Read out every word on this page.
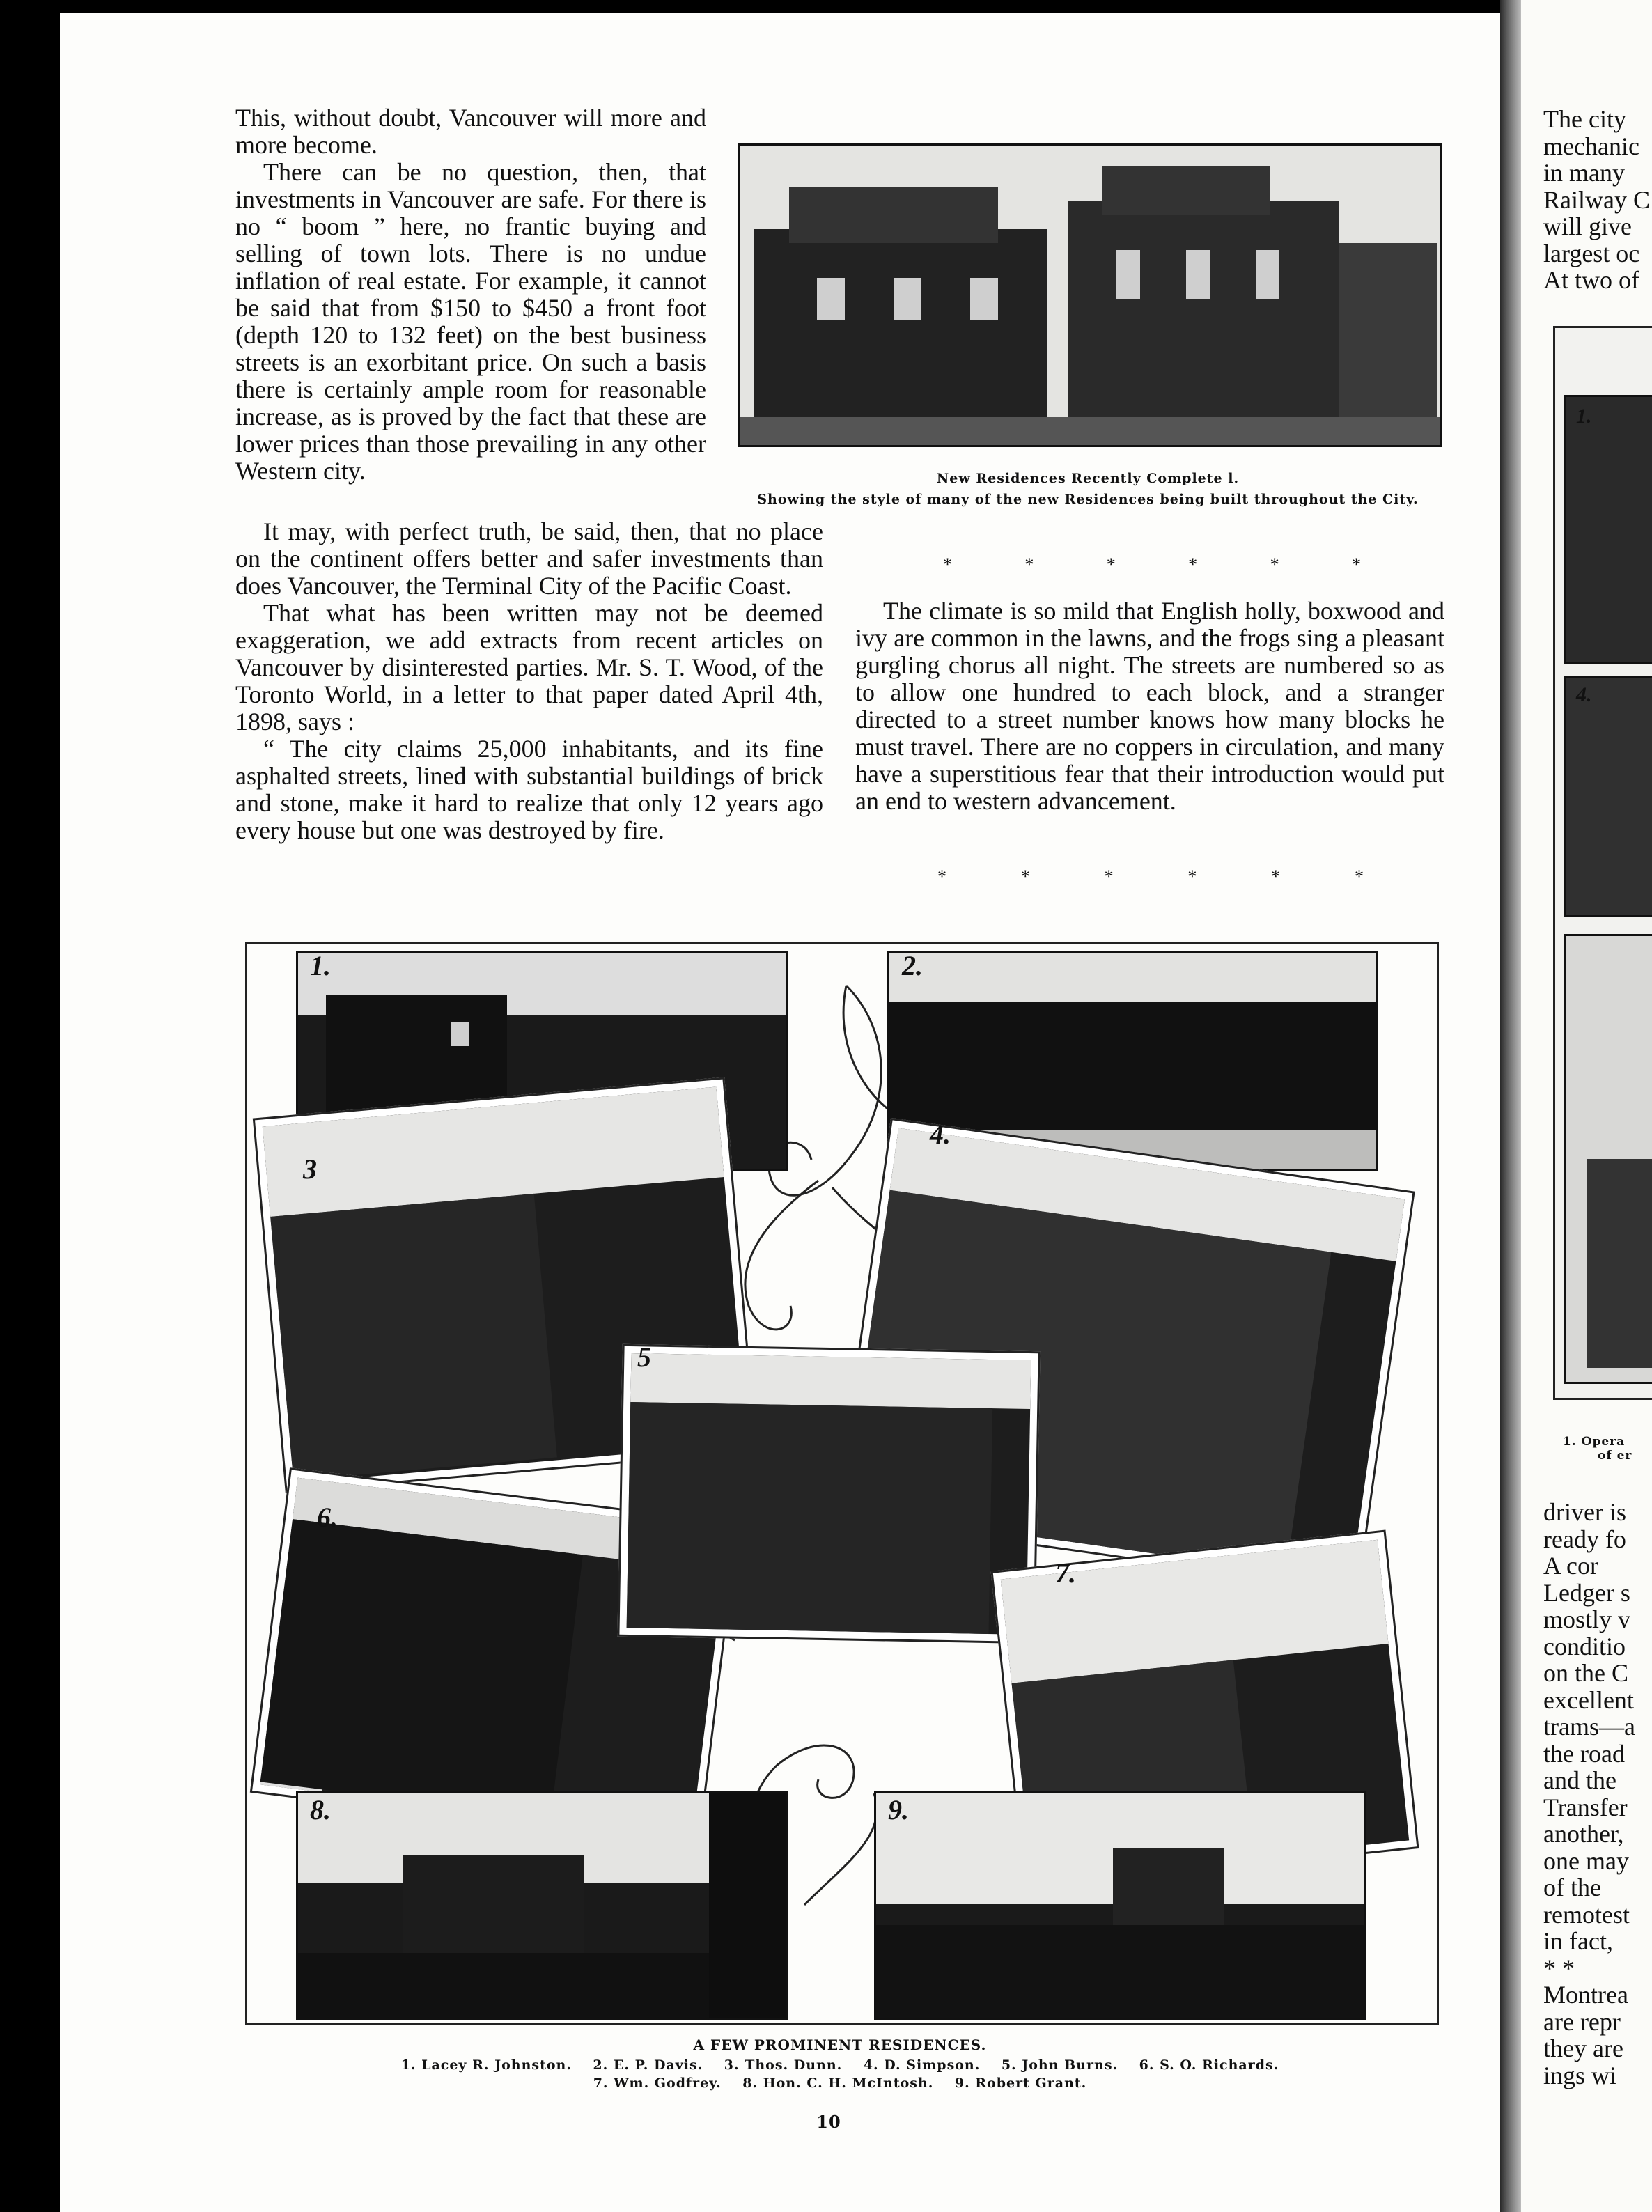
This, without doubt, Vancouver will more and more become.

There can be no question, then, that investments in Vancouver are safe. For there is no “ boom ” here, no frantic buying and selling of town lots. There is no undue inflation of real estate. For example, it cannot be said that from $150 to $450 a front foot (depth 120 to 132 feet) on the best business streets is an exorbitant price. On such a basis there is certainly ample room for reasonable increase, as is proved by the fact that these are lower prices than those prevailing in any other Western city.

It may, with perfect truth, be said, then, that no place on the continent offers better and safer investments than does Vancouver, the Terminal City of the Pacific Coast.

That what has been written may not be deemed exaggeration, we add extracts from recent articles on Vancouver by disinterested parties. Mr. S. T. Wood, of the Toronto World, in a letter to that paper dated April 4th, 1898, says :

“ The city claims 25,000 inhabitants, and its fine asphalted streets, lined with substantial buildings of brick and stone, make it hard to realize that only 12 years ago every house but one was destroyed by fire.

New Residences Recently Complete l.
Showing the style of many of the new Residences being built throughout the City.
*	*	*	*	*	*

The climate is so mild that English holly, boxwood and ivy are common in the lawns, and the frogs sing a pleasant gurgling chorus all night. The streets are numbered so as to allow one hundred to each block, and a stranger directed to a street number knows how many blocks he must travel. There are no coppers in circulation, and many have a superstitious fear that their introduction would put an end to western advancement.

*	*	*	*	*	*
1.	2.
3
4.
6.
5
7.
8.	9.
A FEW PROMINENT RESIDENCES.
1. Lacey R. Johnston.    2. E. P. Davis.    3. Thos. Dunn.    4. D. Simpson.    5. John Burns.    6. S. O. Richards.
7. Wm. Godfrey.    8. Hon. C. H. McIntosh.    9. Robert Grant.
10
The city
mechanic
in many
Railway C
will give
largest oc
At two of
1.
4.
1. Opera
of er
driver is
ready fo
A cor
Ledger s
mostly v
conditio
on the C
excellent
trams—a
the road
and the
Transfer
another,
one may
of the
remotest
in fact,
* *
Montrea
are repr
they are
ings wi
